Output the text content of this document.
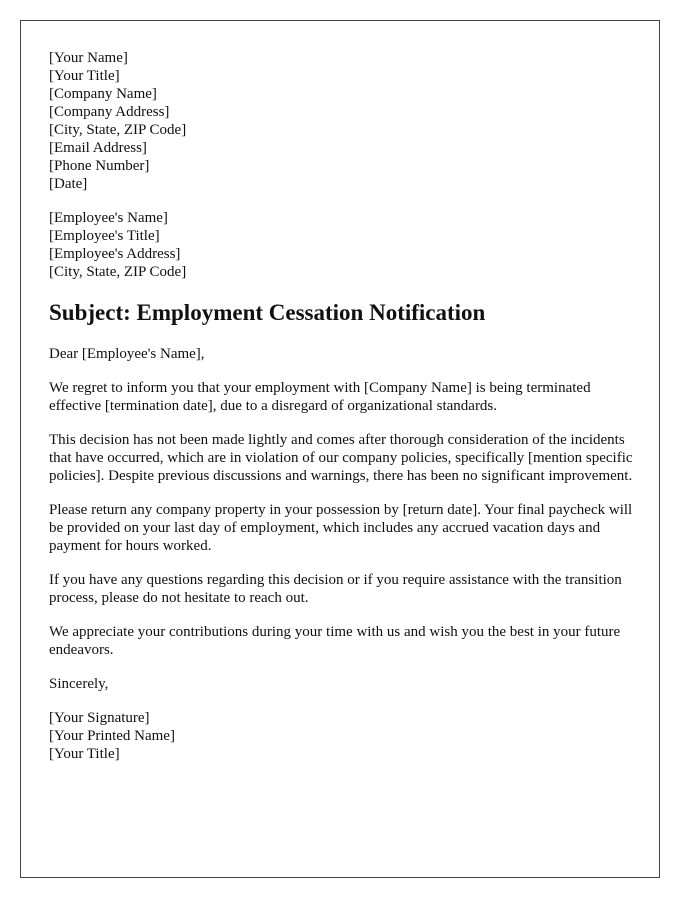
[Your Name]
[Your Title]
[Company Name]
[Company Address]
[City, State, ZIP Code]
[Email Address]
[Phone Number]
[Date]
[Employee's Name]
[Employee's Title]
[Employee's Address]
[City, State, ZIP Code]
Subject: Employment Cessation Notification

Dear [Employee's Name],

We regret to inform you that your employment with [Company Name] is being terminated effective [termination date], due to a disregard of organizational standards.

This decision has not been made lightly and comes after thorough consideration of the incidents that have occurred, which are in violation of our company policies, specifically [mention specific policies]. Despite previous discussions and warnings, there has been no significant improvement.

Please return any company property in your possession by [return date]. Your final paycheck will be provided on your last day of employment, which includes any accrued vacation days and payment for hours worked.

If you have any questions regarding this decision or if you require assistance with the transition process, please do not hesitate to reach out.

We appreciate your contributions during your time with us and wish you the best in your future endeavors.

Sincerely,

[Your Signature]
[Your Printed Name]
[Your Title]
